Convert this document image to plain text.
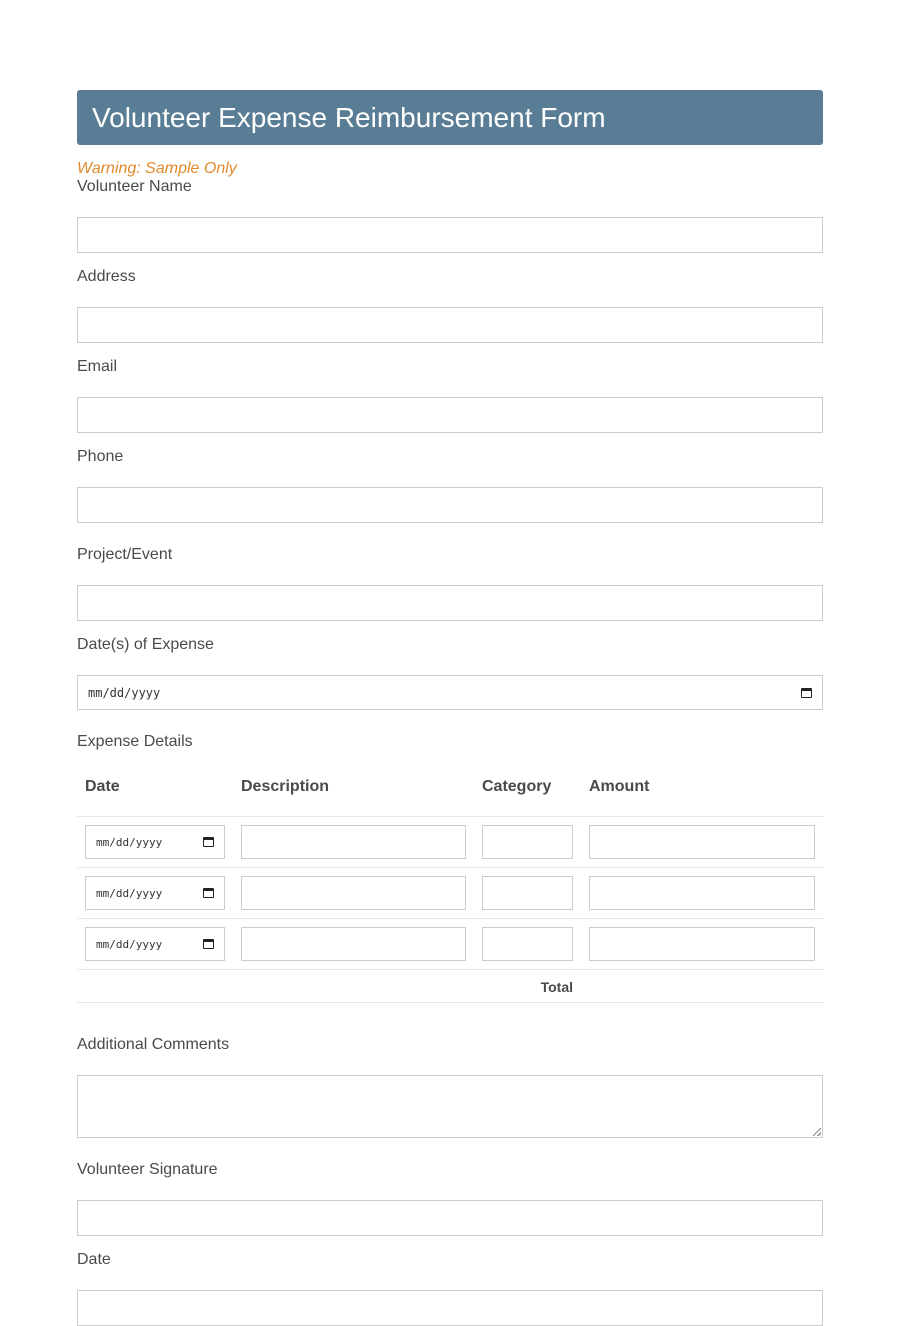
Volunteer Expense Reimbursement Form
Warning: Sample Only
Volunteer Name
Address
Email
Phone
Project/Event
Date(s) of Expense
mm/dd/yyyy
Expense Details
Date	Description	Category Amount
mm/dd/yyyy
mm/dd/yyyy
mm/dd/yyyy
Total
Additional Comments
Volunteer Signature
Date
